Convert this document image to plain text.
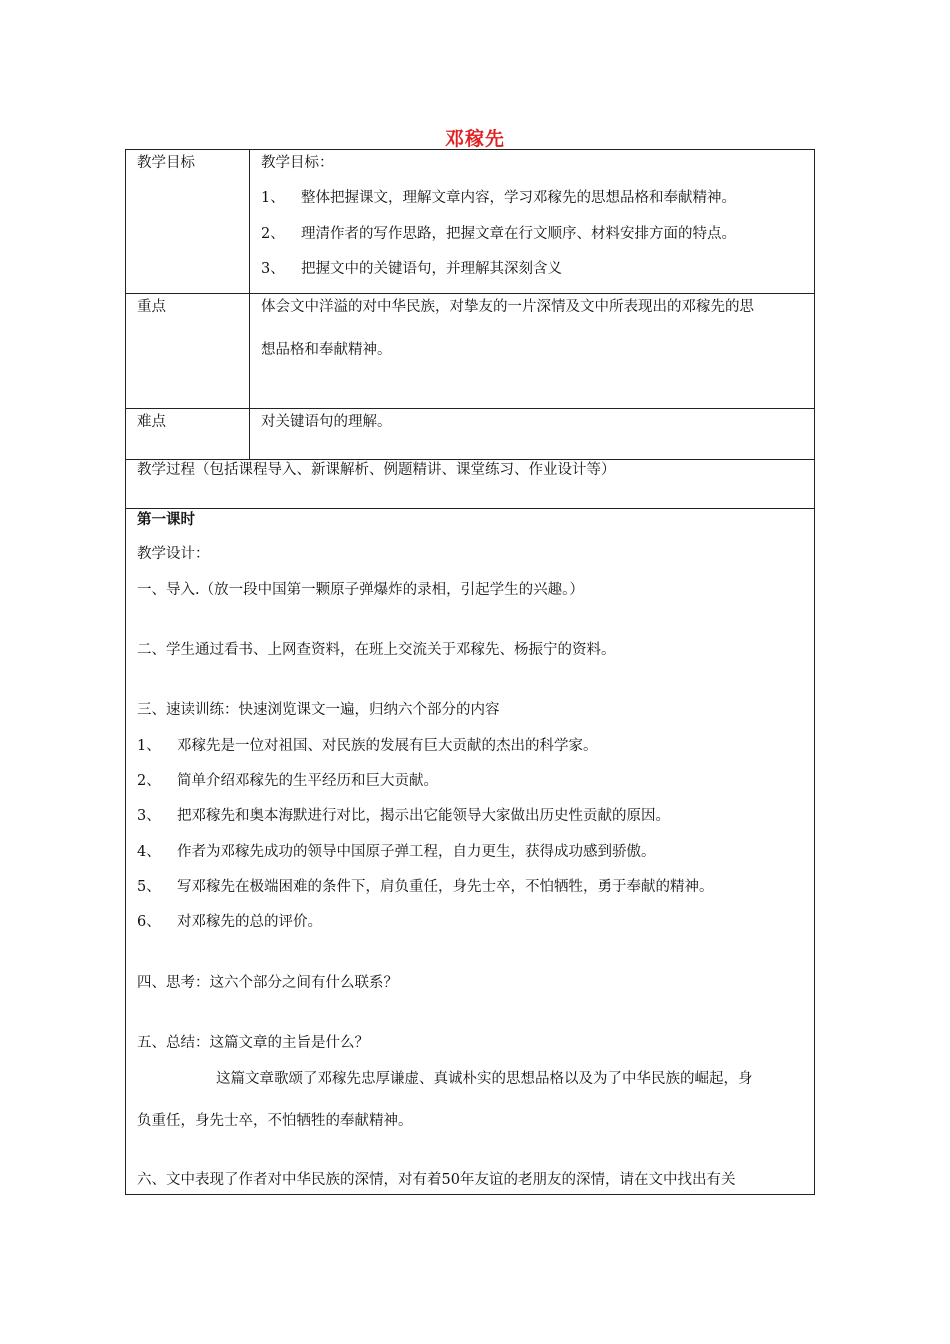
邓稼先
教学目标	教学目标：
1、 整体把握课文，理解文章内容，学习邓稼先的思想品格和奉献精神。
2、 理清作者的写作思路，把握文章在行文顺序、材料安排方面的特点。
3、 把握文中的关键语句，并理解其深刻含义
重点	体会文中洋溢的对中华民族，对挚友的一片深情及文中所表现出的邓稼先的思
想品格和奉献精神。
难点	对关键语句的理解。
教学过程（包括课程导入、新课解析、例题精讲、课堂练习、作业设计等）
第一课时
教学设计：
一、导入.（放一段中国第一颗原子弹爆炸的录相，引起学生的兴趣。）
二、学生通过看书、上网查资料，在班上交流关于邓稼先、杨振宁的资料。
三、速读训练：快速浏览课文一遍，归纳六个部分的内容
1、 邓稼先是一位对祖国、对民族的发展有巨大贡献的杰出的科学家。
2、 简单介绍邓稼先的生平经历和巨大贡献。
3、 把邓稼先和奥本海默进行对比，揭示出它能领导大家做出历史性贡献的原因。
4、 作者为邓稼先成功的领导中国原子弹工程，自力更生，获得成功感到骄傲。
5、 写邓稼先在极端困难的条件下，肩负重任，身先士卒，不怕牺牲，勇于奉献的精神。
6、 对邓稼先的总的评价。
四、思考：这六个部分之间有什么联系？
五、总结：这篇文章的主旨是什么？
这篇文章歌颂了邓稼先忠厚谦虚、真诚朴实的思想品格以及为了中华民族的崛起，身
负重任，身先士卒，不怕牺牲的奉献精神。
六、文中表现了作者对中华民族的深情，对有着50年友谊的老朋友的深情，请在文中找出有关
